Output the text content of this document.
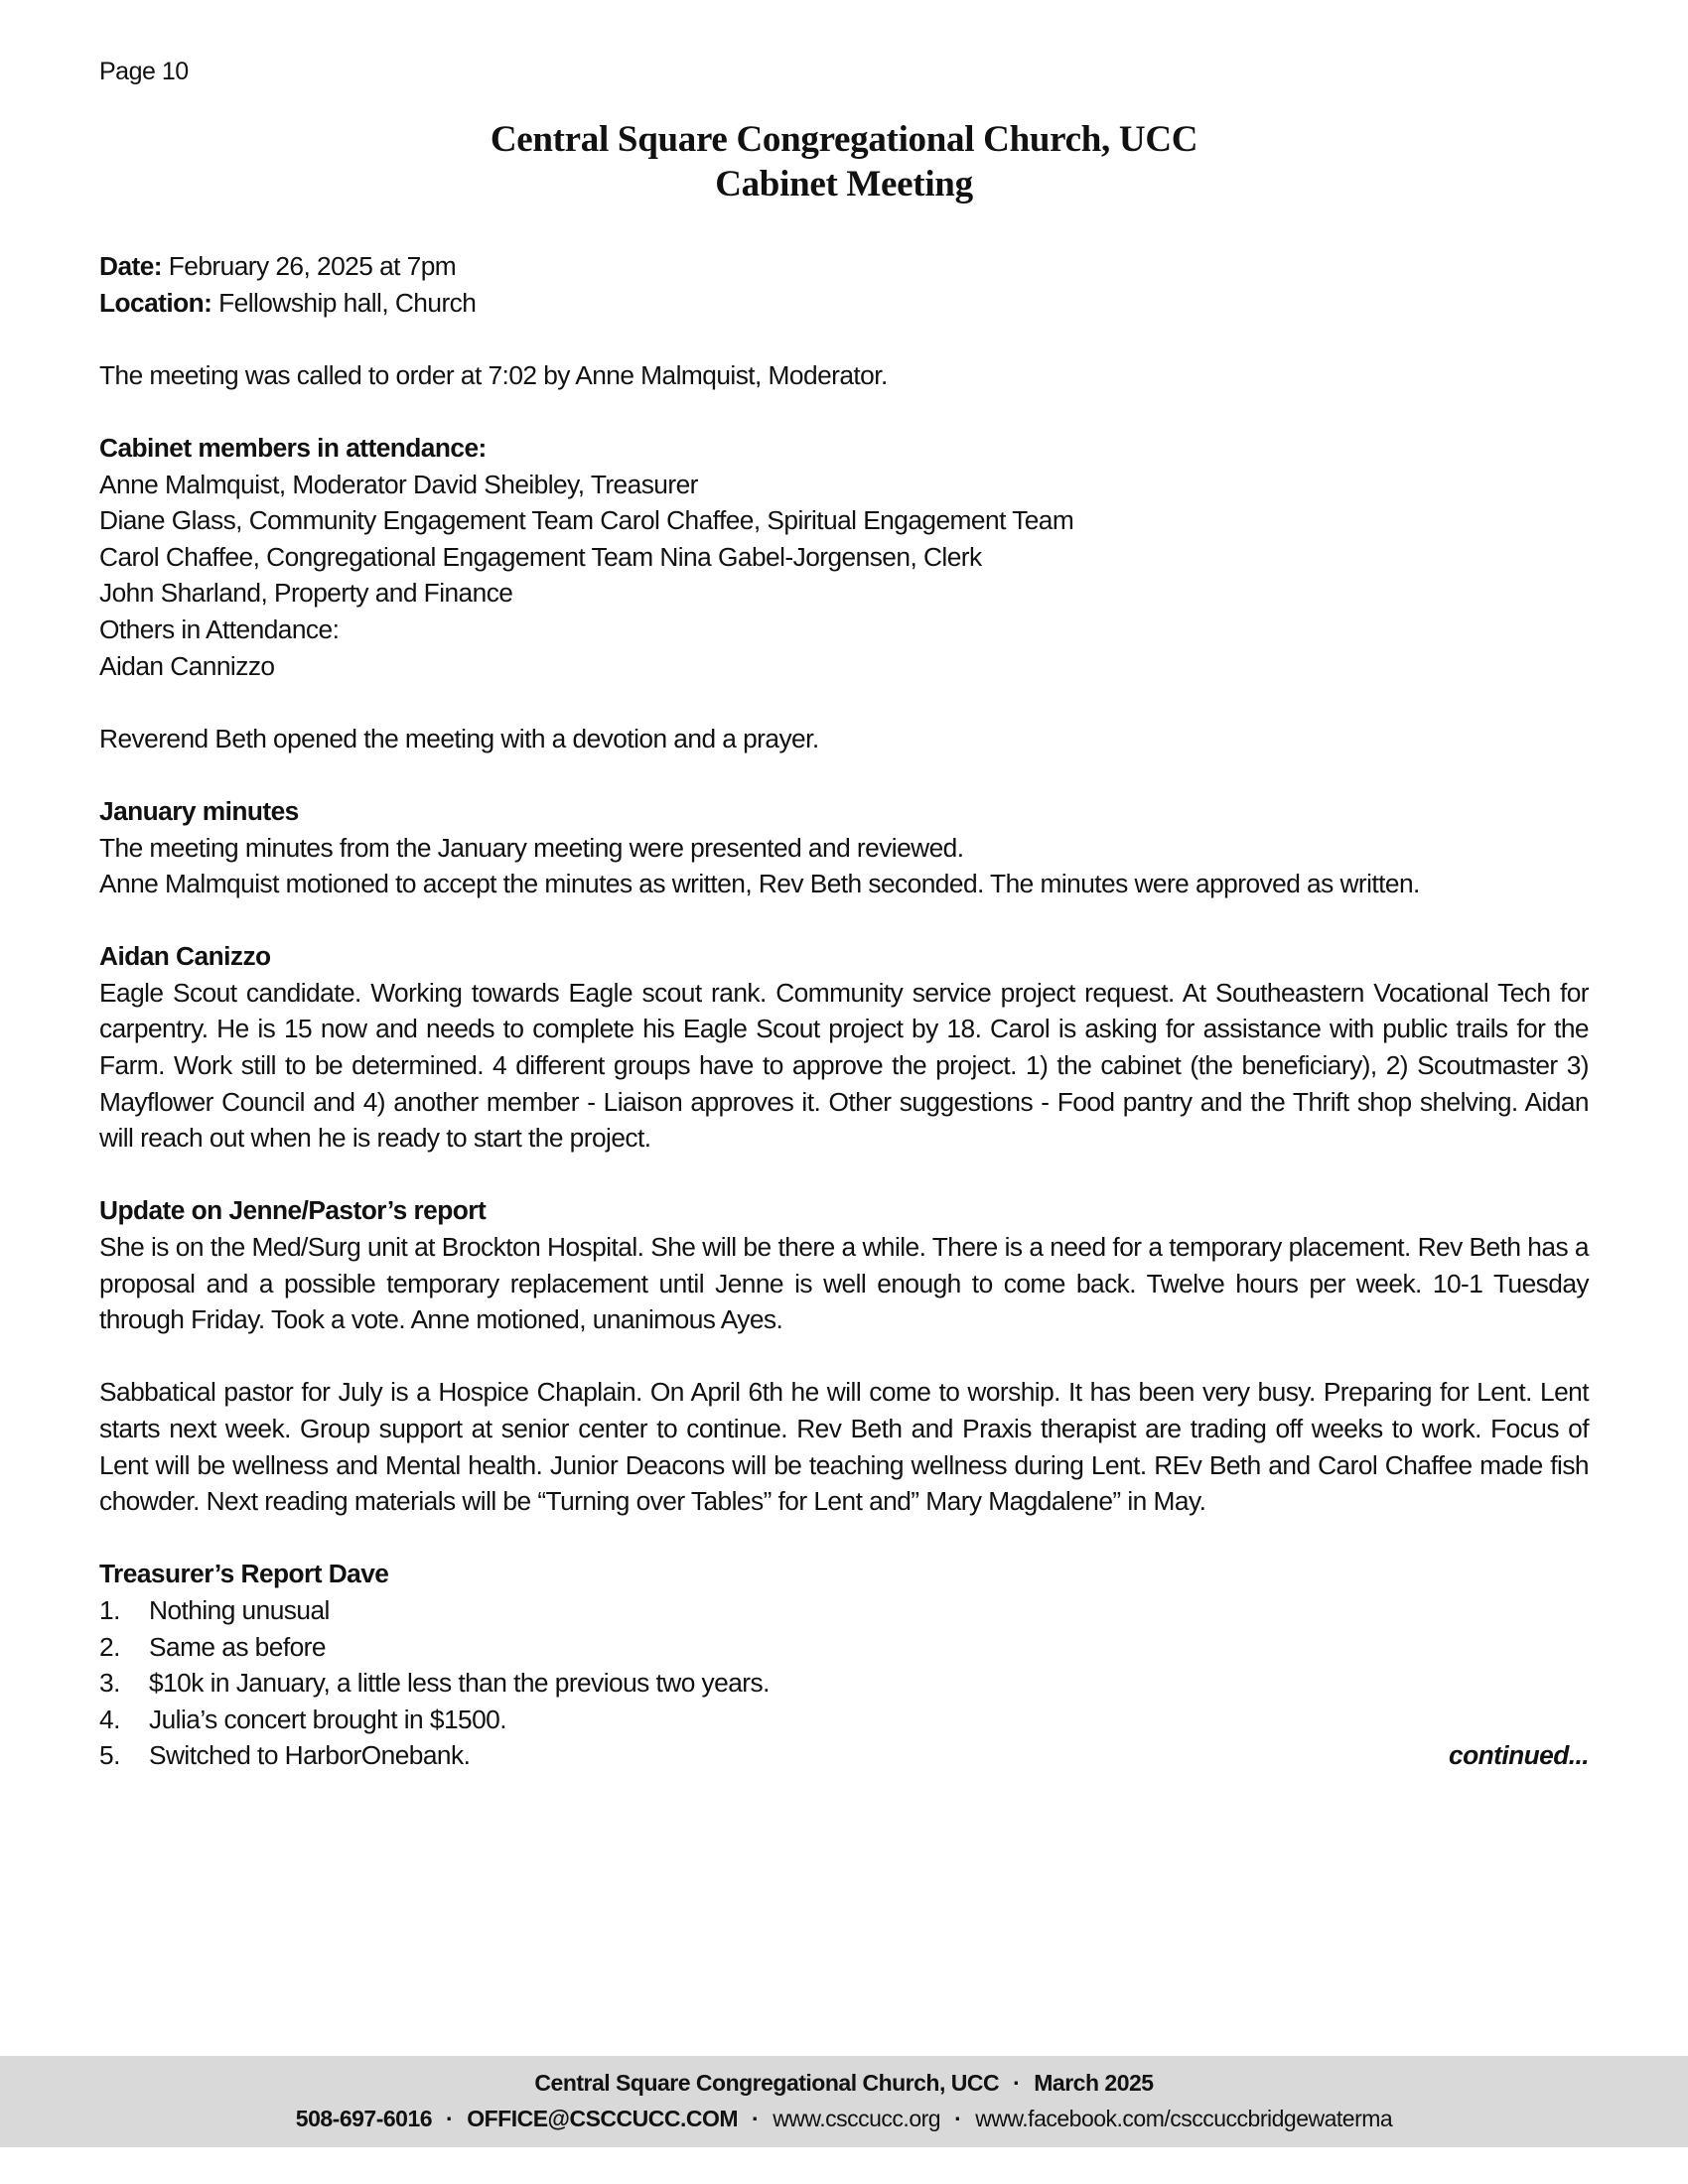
Page 10
Central Square Congregational Church, UCC
Cabinet Meeting

Date: February 26, 2025 at 7pm

Location: Fellowship hall, Church

The meeting was called to order at 7:02 by Anne Malmquist, Moderator.

Cabinet members in attendance:

Anne Malmquist, Moderator David Sheibley, Treasurer

Diane Glass, Community Engagement Team Carol Chaffee, Spiritual Engagement Team

Carol Chaffee, Congregational Engagement Team Nina Gabel-Jorgensen, Clerk

John Sharland, Property and Finance

Others in Attendance:

Aidan Cannizzo

Reverend Beth opened the meeting with a devotion and a prayer.

January minutes

The meeting minutes from the January meeting were presented and reviewed.

Anne Malmquist motioned to accept the minutes as written, Rev Beth seconded. The minutes were approved as written.

Aidan Canizzo

Eagle Scout candidate. Working towards Eagle scout rank. Community service project request. At Southeastern Vocational Tech for carpentry. He is 15 now and needs to complete his Eagle Scout project by 18. Carol is asking for assistance with public trails for the Farm. Work still to be determined. 4 different groups have to approve the project. 1) the cabinet (the beneficiary), 2) Scoutmaster 3) Mayflower Council and 4) another member - Liaison approves it. Other suggestions - Food pantry and the Thrift shop shelving. Aidan will reach out when he is ready to start the project.

Update on Jenne/Pastor’s report

She is on the Med/Surg unit at Brockton Hospital. She will be there a while. There is a need for a temporary placement. Rev Beth has a proposal and a possible temporary replacement until Jenne is well enough to come back. Twelve hours per week. 10-1 Tuesday through Friday. Took a vote. Anne motioned, unanimous Ayes.

Sabbatical pastor for July is a Hospice Chaplain. On April 6th he will come to worship. It has been very busy. Preparing for Lent. Lent starts next week. Group support at senior center to continue. Rev Beth and Praxis therapist are trading off weeks to work. Focus of Lent will be wellness and Mental health. Junior Deacons will be teaching wellness during Lent. REv Beth and Carol Chaffee made fish chowder. Next reading materials will be “Turning over Tables” for Lent and” Mary Magdalene” in May.

Treasurer’s Report Dave

1.	Nothing unusual
2.	Same as before
3.	$10k in January, a little less than the previous two years.
4.	Julia’s concert brought in $1500.
5.	Switched to HarborOnebank.	continued...
Central Square Congregational Church, UCC · March 2025
508-697-6016 · OFFICE@CSCCUCC.COM · www.csccucc.org · www.facebook.com/csccuccbridgewaterma
